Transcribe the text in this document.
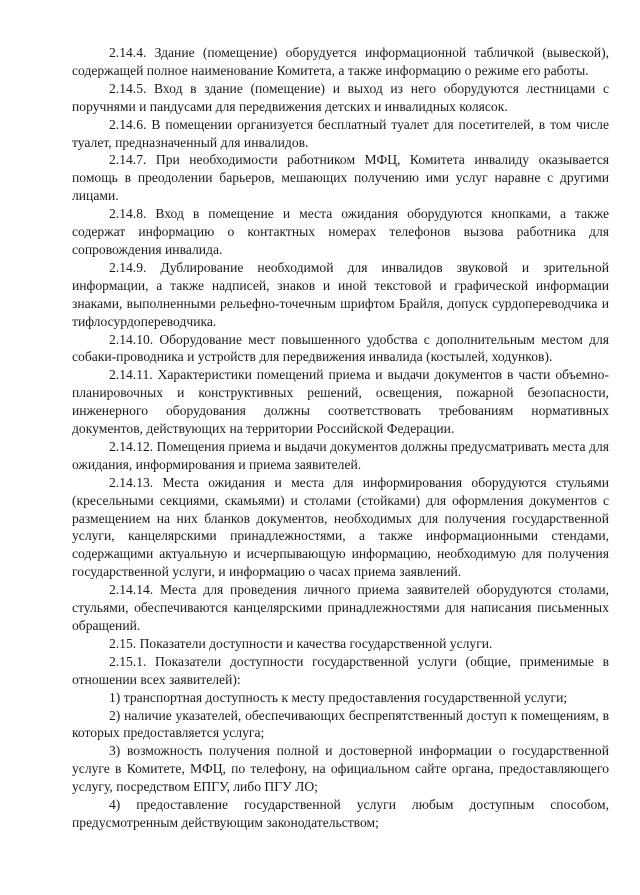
2.14.4. Здание (помещение) оборудуется информационной табличкой (вывеской), содержащей полное наименование Комитета, а также информацию о режиме его работы.

2.14.5. Вход в здание (помещение) и выход из него оборудуются лестницами с поручнями и пандусами для передвижения детских и инвалидных колясок.

2.14.6. В помещении организуется бесплатный туалет для посетителей, в том числе туалет, предназначенный для инвалидов.

2.14.7. При необходимости работником МФЦ, Комитета инвалиду оказывается помощь в преодолении барьеров, мешающих получению ими услуг наравне с другими лицами.

2.14.8. Вход в помещение и места ожидания оборудуются кнопками, а также содержат информацию о контактных номерах телефонов вызова работника для сопровождения инвалида.

2.14.9. Дублирование необходимой для инвалидов звуковой и зрительной информации, а также надписей, знаков и иной текстовой и графической информации знаками, выполненными рельефно-точечным шрифтом Брайля, допуск сурдопереводчика и тифлосурдопереводчика.

2.14.10. Оборудование мест повышенного удобства с дополнительным местом для собаки-проводника и устройств для передвижения инвалида (костылей, ходунков).

2.14.11. Характеристики помещений приема и выдачи документов в части объемно-планировочных и конструктивных решений, освещения, пожарной безопасности, инженерного оборудования должны соответствовать требованиям нормативных документов, действующих на территории Российской Федерации.

2.14.12. Помещения приема и выдачи документов должны предусматривать места для ожидания, информирования и приема заявителей.

2.14.13. Места ожидания и места для информирования оборудуются стульями (кресельными секциями, скамьями) и столами (стойками) для оформления документов с размещением на них бланков документов, необходимых для получения государственной услуги, канцелярскими принадлежностями, а также информационными стендами, содержащими актуальную и исчерпывающую информацию, необходимую для получения государственной услуги, и информацию о часах приема заявлений.

2.14.14. Места для проведения личного приема заявителей оборудуются столами, стульями, обеспечиваются канцелярскими принадлежностями для написания письменных обращений.

2.15. Показатели доступности и качества государственной услуги.

2.15.1. Показатели доступности государственной услуги (общие, применимые в отношении всех заявителей):

1) транспортная доступность к месту предоставления государственной услуги;

2) наличие указателей, обеспечивающих беспрепятственный доступ к помещениям, в которых предоставляется услуга;

3) возможность получения полной и достоверной информации о государственной услуге в Комитете, МФЦ, по телефону, на официальном сайте органа, предоставляющего услугу, посредством ЕПГУ, либо ПГУ ЛО;

4) предоставление государственной услуги любым доступным способом, предусмотренным действующим законодательством;
